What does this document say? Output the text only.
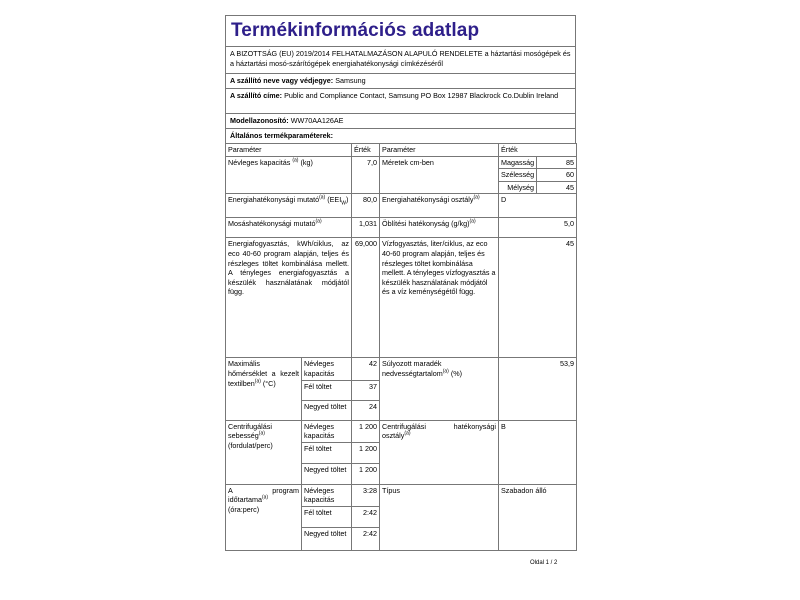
Termékinformációs adatlap
A BIZOTTSÁG (EU) 2019/2014 FELHATALMAZÁSON ALAPULÓ RENDELETE a háztartási mosógépek és a háztartási mosó-szárítógépek energiahatékonysági címkézéséről
A szállító neve vagy védjegye: Samsung
A szállító címe: Public and Compliance Contact, Samsung PO Box 12987 Blackrock Co.Dublin Ireland
Modellazonosító: WW70AA126AE
Általános termékparaméterek:
Paraméter		Érték	Paraméter	Érték	
Névleges kapacitás $^{(a)}$ (kg)		7,0	Méretek cm-ben	Magasság	85
				Szélesség	60
				Mélység	45
Energiahatékonysági mutató$^{(a)}$ $(EEI_W)$		80,0	Energiahatékonysági osztály$^{(a)}$	D	
Mosáshatékonysági mutató$^{(a)}$		1,031	Öblítési hatékonyság $(g/kg)^{(a)}$	5,0	
Energiafogyasztás, kWh/ciklus, az eco 40-60 program alapján, teljes és részleges töltet kombinálása mellett. A tényleges energiafogyasztás a készülék használatának módjától függ.		69,000	Vízfogyasztás, liter/ciklus, az eco 40-60 program alapján, teljes és részleges töltet kombinálása mellett. A tényleges vízfogyasztás a készülék használatának módjától és a víz keménységétől függ.	45	
Maximális hőmérséklet a kezelt textilben$^{(a)}$ (°C)	Névleges kapacitás	42	Súlyozott maradék nedvességtartalom$^{(a)}$ (%)	53,9	
	Fél töltet	37			
	Negyed töltet	24			
Centrifugálási sebesség$^{(a)}$ (fordulat/perc)	Névleges kapacitás	1 200	Centrifugálási hatékonysági osztály$^{(a)}$	B	
	Fél töltet	1 200			
	Negyed töltet	1 200			
A program időtartama$^{(a)}$ (óra:perc)	Névleges kapacitás	3:28	Típus	Szabadon álló	
	Fél töltet	2:42			
	Negyed töltet	2:42			
Oldal 1 / 2
